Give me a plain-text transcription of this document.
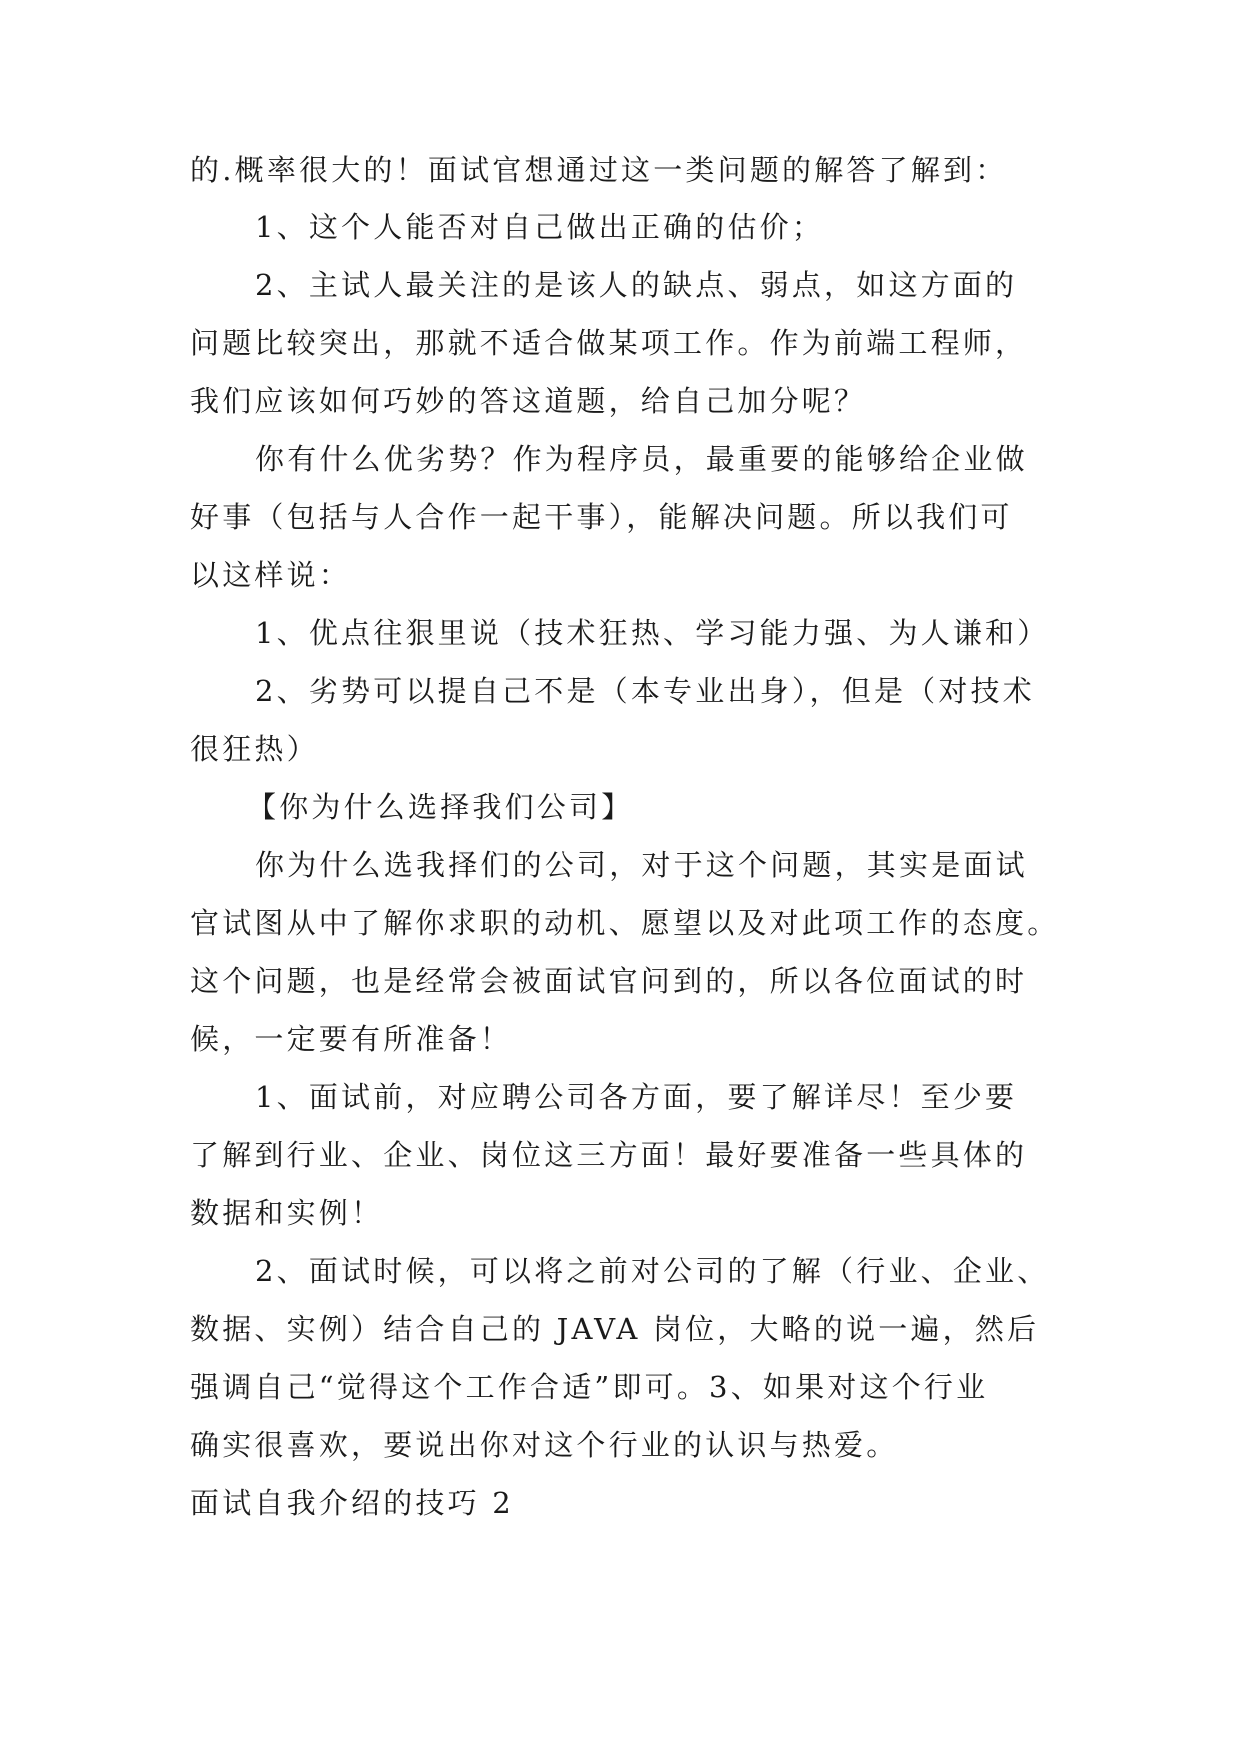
的.概率很大的！面试官想通过这一类问题的解答了解到：

1、这个人能否对自己做出正确的估价；

2、主试人最关注的是该人的缺点、弱点，如这方面的

问题比较突出，那就不适合做某项工作。作为前端工程师，

我们应该如何巧妙的答这道题，给自己加分呢？

你有什么优劣势？作为程序员，最重要的能够给企业做

好事（包括与人合作一起干事），能解决问题。所以我们可

以这样说：

1、优点往狠里说（技术狂热、学习能力强、为人谦和）

2、劣势可以提自己不是（本专业出身），但是（对技术

很狂热）

【你为什么选择我们公司】

你为什么选我择们的公司，对于这个问题，其实是面试

官试图从中了解你求职的动机、愿望以及对此项工作的态度。

这个问题，也是经常会被面试官问到的，所以各位面试的时

候，一定要有所准备！

1、面试前，对应聘公司各方面，要了解详尽！至少要

了解到行业、企业、岗位这三方面！最好要准备一些具体的

数据和实例！

2、面试时候，可以将之前对公司的了解（行业、企业、

数据、实例）结合自己的 JAVA 岗位，大略的说一遍，然后

强调自己“觉得这个工作合适”即可。3、如果对这个行业

确实很喜欢，要说出你对这个行业的认识与热爱。

面试自我介绍的技巧 2
